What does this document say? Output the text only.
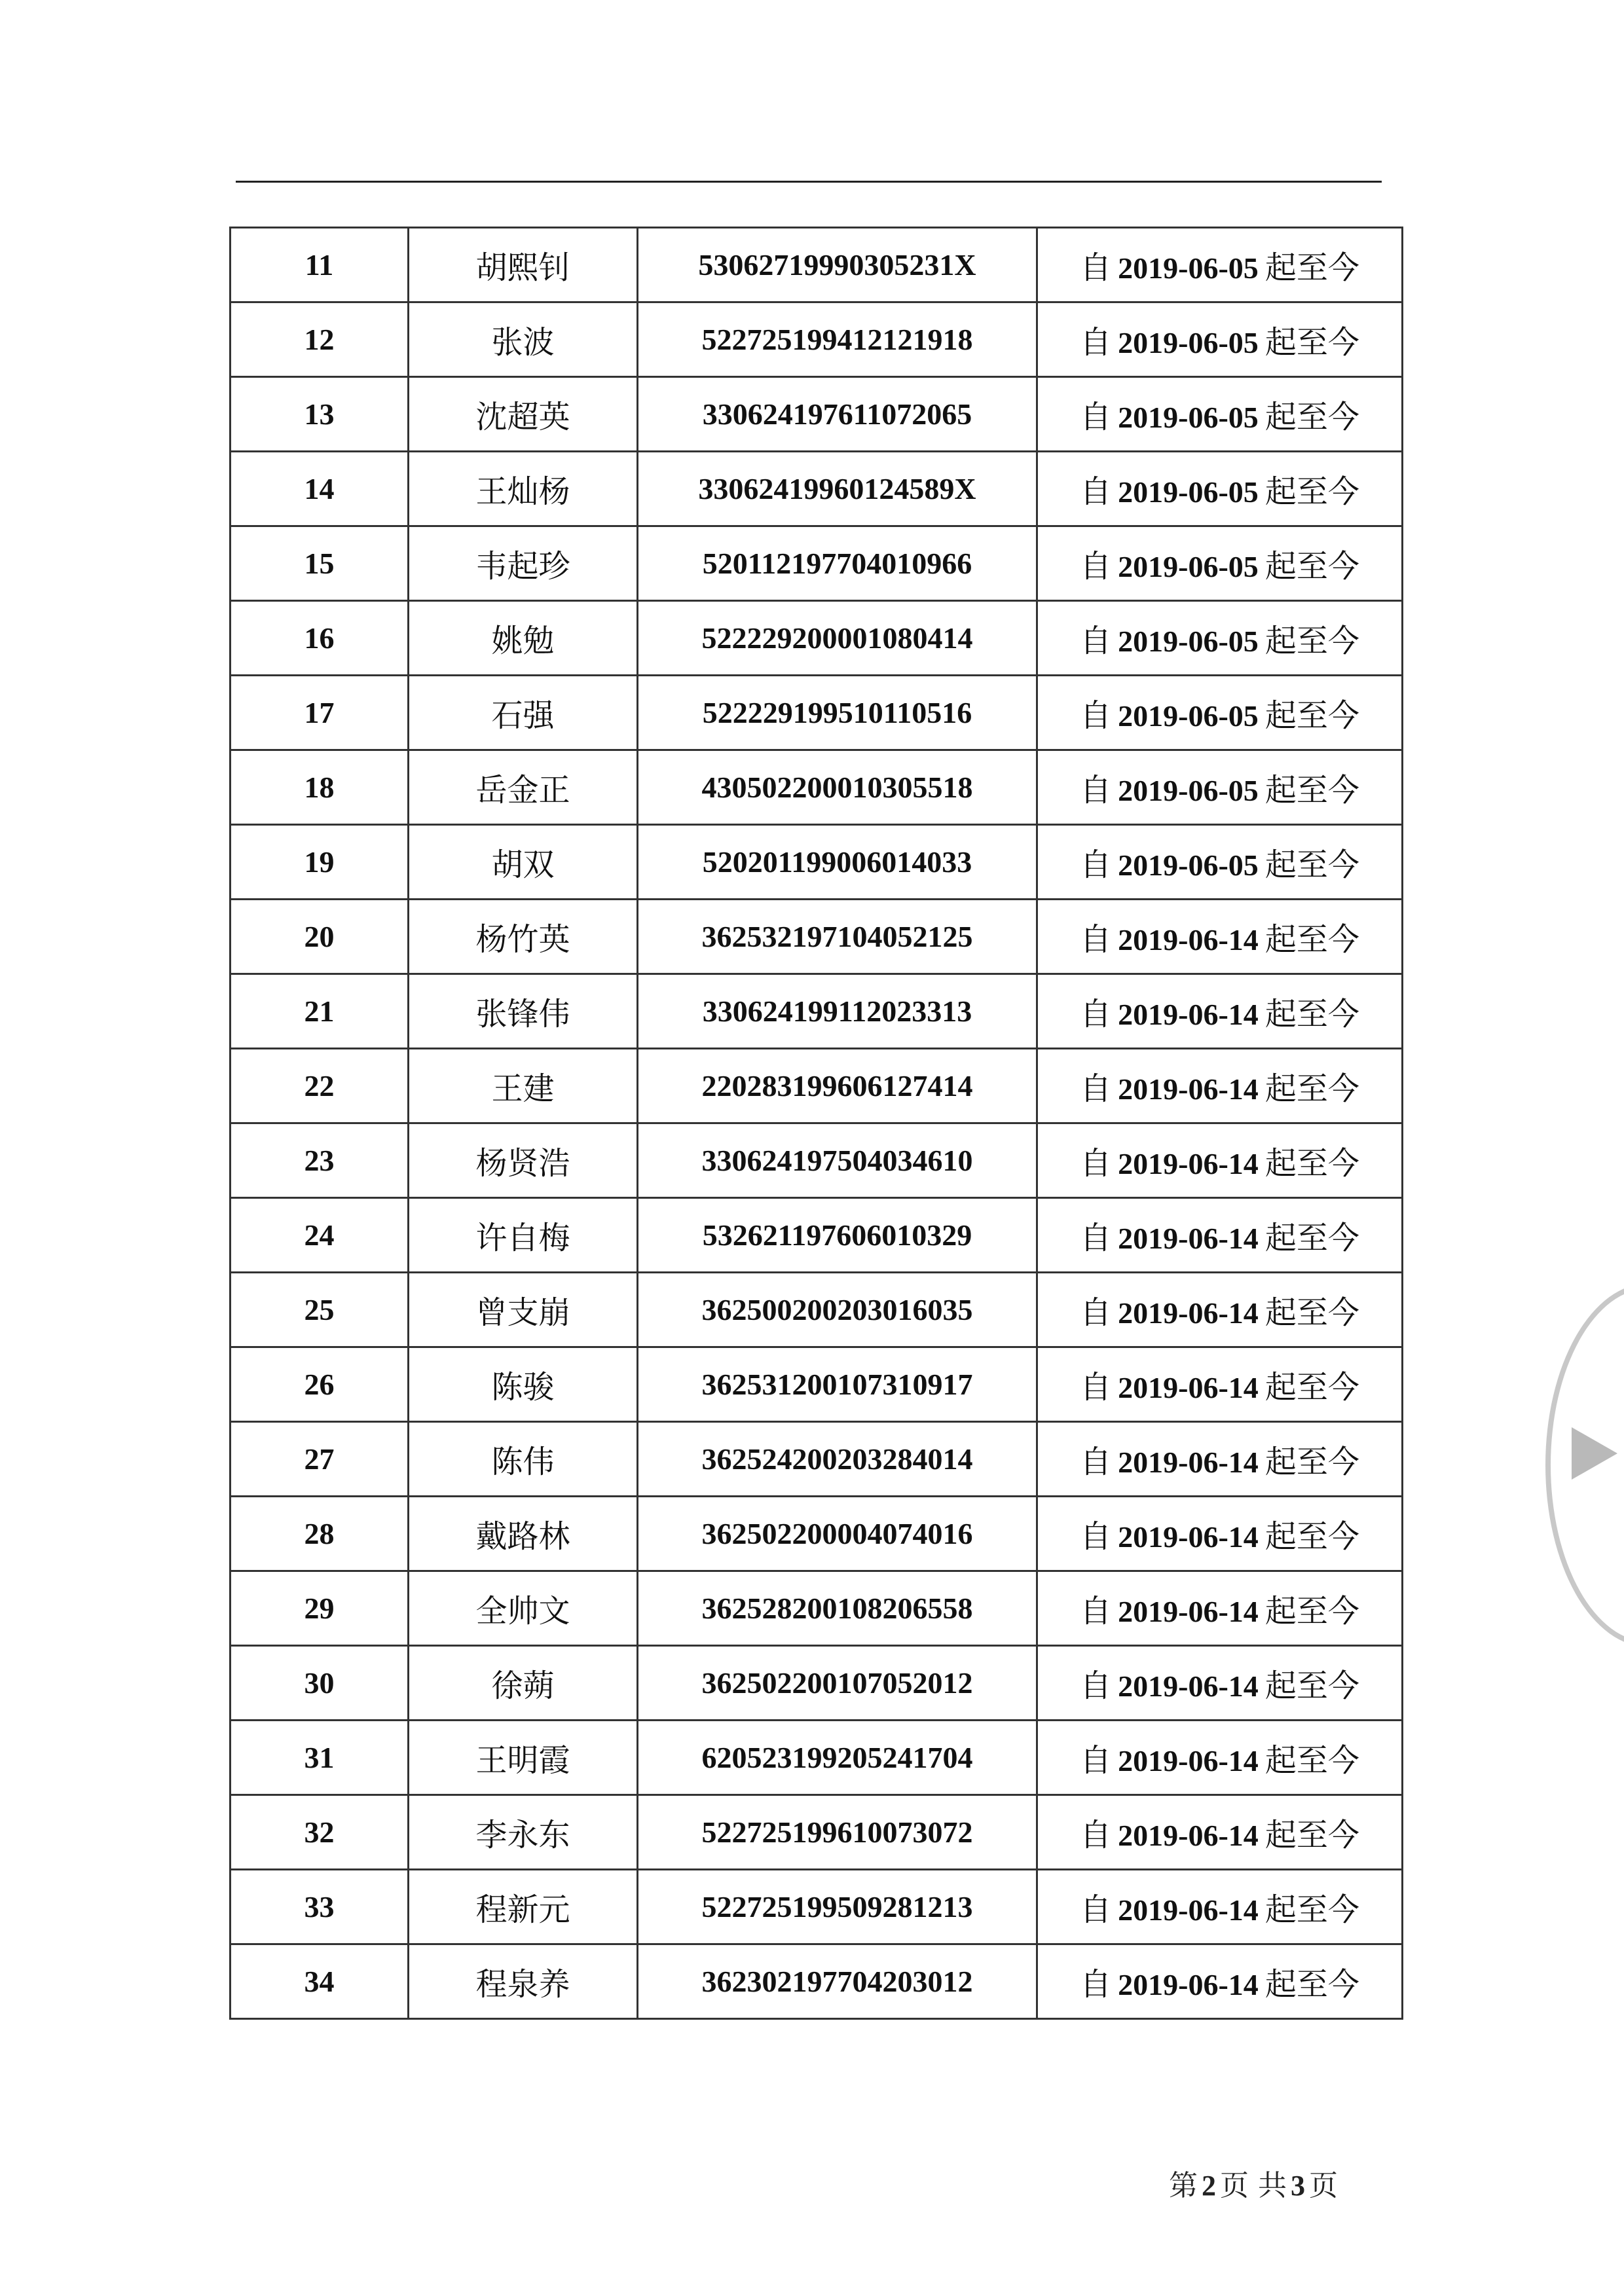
11	胡熙钊	53062719990305231X	自 2019-06-05 起至今
12	张波	522725199412121918	自 2019-06-05 起至今
13	沈超英	330624197611072065	自 2019-06-05 起至今
14	王灿杨	33062419960124589X	自 2019-06-05 起至今
15	韦起珍	520112197704010966	自 2019-06-05 起至今
16	姚勉	522229200001080414	自 2019-06-05 起至今
17	石强	522229199510110516	自 2019-06-05 起至今
18	岳金正	430502200010305518	自 2019-06-05 起至今
19	胡双	520201199006014033	自 2019-06-05 起至今
20	杨竹英	362532197104052125	自 2019-06-14 起至今
21	张锋伟	330624199112023313	自 2019-06-14 起至今
22	王建	220283199606127414	自 2019-06-14 起至今
23	杨贤浩	330624197504034610	自 2019-06-14 起至今
24	许自梅	532621197606010329	自 2019-06-14 起至今
25	曾支崩	362500200203016035	自 2019-06-14 起至今
26	陈骏	362531200107310917	自 2019-06-14 起至今
27	陈伟	362524200203284014	自 2019-06-14 起至今
28	戴路林	362502200004074016	自 2019-06-14 起至今
29	全帅文	362528200108206558	自 2019-06-14 起至今
30	徐蒴	362502200107052012	自 2019-06-14 起至今
31	王明霞	620523199205241704	自 2019-06-14 起至今
32	李永东	522725199610073072	自 2019-06-14 起至今
33	程新元	522725199509281213	自 2019-06-14 起至今
34	程泉养	362302197704203012	自 2019-06-14 起至今
第 2 页 共 3 页
